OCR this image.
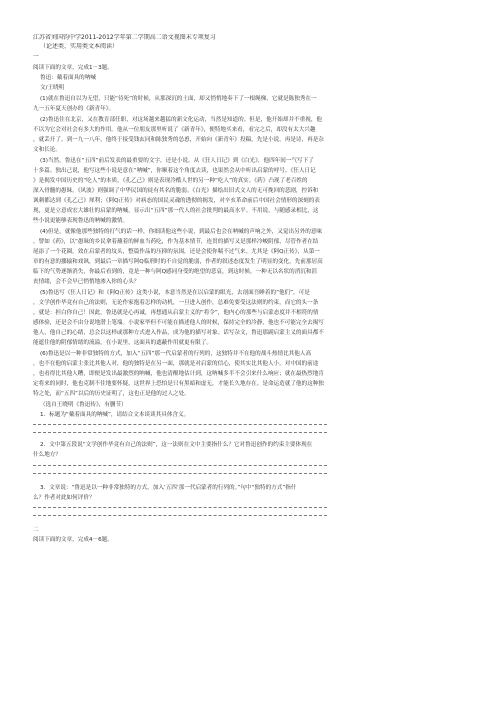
江苏省刘国钧中学2011-2012学年第二学期高二语文视图末专项复习
（论述类、实用类文本阅读）
一
阅读下面的文章，完成1－3题。
鲁迅：戴着面具的呐喊
文/王晓明
(1)就在鲁迅自以为无望，只能“待死”的时候，从那深沉的土面，却又悄悄地奏下了一根绳梯，它就是陈独秀在一
九一五年夏天创办的《新青年》。
(2)鲁迅住在北京，又在教育部任职，对这场越来越猛的新文化运动，当然是知道的。但是，他开始却并不重视，他
不以为它会对社会有多大的作用。他从一位朋友那里听说了《新青年》，便特地买来看，看完之后，却没有太大兴趣
，就丢开了。到一九一八年，他终于接受钱玄同和陈独秀的怂恿，开始向《新青年》投稿，先是小说，再是诗，再是杂
文和长论。
(3)当然，鲁迅在“五四”前后发表的最重要的文字，还是小说。从《狂人日记》到《白光》，他四年间一气写下了
十多篇。独出己说，他写这些小说是意在“呐喊”，你顺着这个角度去读，也果然会从中听出启蒙的呼号。《狂人日记
》是揭发中国历史的“吃人”的本质，《孔乙己》则是表现冷酷人世的另一种“吃人”的真实。《药》凸现了老百姓的
深入骨髓的愚昧，《风波》则强调了中华民国的徒有其名的脆弱。《白光》描绘出旧式文人的无可挽回的悲剧，控诉和
讽刺都达到《孔乙己》犀利；《阿Q正传》对病态的国民灵魂的透彻的揭发，对辛亥革命前后中国社会情形的深刻的表
现，更是立意成宏大雄壮的启蒙的呐喊，显示出“五四”那一代人的社会批判的最高水平。不用说，与随感录相比，这
些小说更能够表现鲁迅的呐喊的激情。
(4)但是，就像他那些独特的打气的话一样，你细读他这些小说，到最后也会在呐喊的声响之外，又觉出另外的意味
，譬如《药》，以“愚昧的乡民拿着蘸着的鲜血当药吃，作为基本情节，连贯的描写又是那样冷峻阴郁，尽管作者在结
尾添了一个花圈，效在启蒙者的坟头，整篇作品的压抑的氛围，还是会使你喘不过气来。尤其是《阿Q正传》，从第一
章的有意的挪输和戏讽，到最后一章描写阿Q临刑时的不自觉的脆弱，作者的叙述态度发生了明显的变化，先前那居高
临下的气势逐渐消失，你最后看到的，竟是一种与阿Q感同身受的绝望的悲哀，到这时候，一种无以名状的消沉和沮
丧情绪，会不会早已悄悄地渗入你的心头？
(5)鲁迅写《狂人日记》和《阿Q正传》这类小说，本意当然是在以启蒙的眼光，去剖面吾睡着的“他们”，可是
，文学创作毕竟有自己的法则，无论作家抱着怎样的动机，一旦进入创作，总难免要受这法则的约束，而它的头一条
，就是：担白你自己！因此，鲁迅就是心再诚，再想通从启蒙主义的“将令”，他内心的那些与启蒙态度并不相符的情
感体验，还是会不由分说地潜上笔端。小说家毕但不可能在描述他人的时候，保持完全的冷静，他也不可能完全去揭写
他人，他自己的心绪，总会以这样或那种方式进入作品，成为他的描写对象。话写杂文，鲁迅那副启蒙主义的面具都不
能遮住他的阴郁情绪的流溢，在小说里，这面具的遮蔽作用就更有限了。
(6)鲁迅是以一种非常独特的方式，加入“五四”那一代启蒙者的行列的，这独特并不在他的战斗热情比其他人高
，也不在他的启蒙主张比其他人对，他的独特是在另一面，那就是对启蒙的信心，使其实比其他人小，对中国的前途
，也看得比其他人糟，即便是发出最激烈的呐喊，他也清醒地估计到，这呐喊多半不会引来什么响应；就在最热烈地肯
定将来的同时，他也克制不住地要怀疑，这世界上恐怕是只有黑暗和虚无，才能长久地存在。是命运造就了他的这种独
特之处，而“五四”以后的历史证明了，这也正是他的过人之处。
（选自王晓明《鲁迅传》，有删节）
1．标题为“戴着面具的呐喊”，请结合文本谈谈其具体含义。
2．文中第五段说“文学创作毕竟有自己的法则”，这一法则在文中主要指什么？它对鲁迅创作的约束主要体现在
什么地方？
3．文章说：“鲁迅是以一种非常独特的方式，加入‘五四’那一代启蒙者的行列的。”句中“独特的方式”指什
么？作者对此如何评价？
二
阅读下面的文章，完成4－6题。
